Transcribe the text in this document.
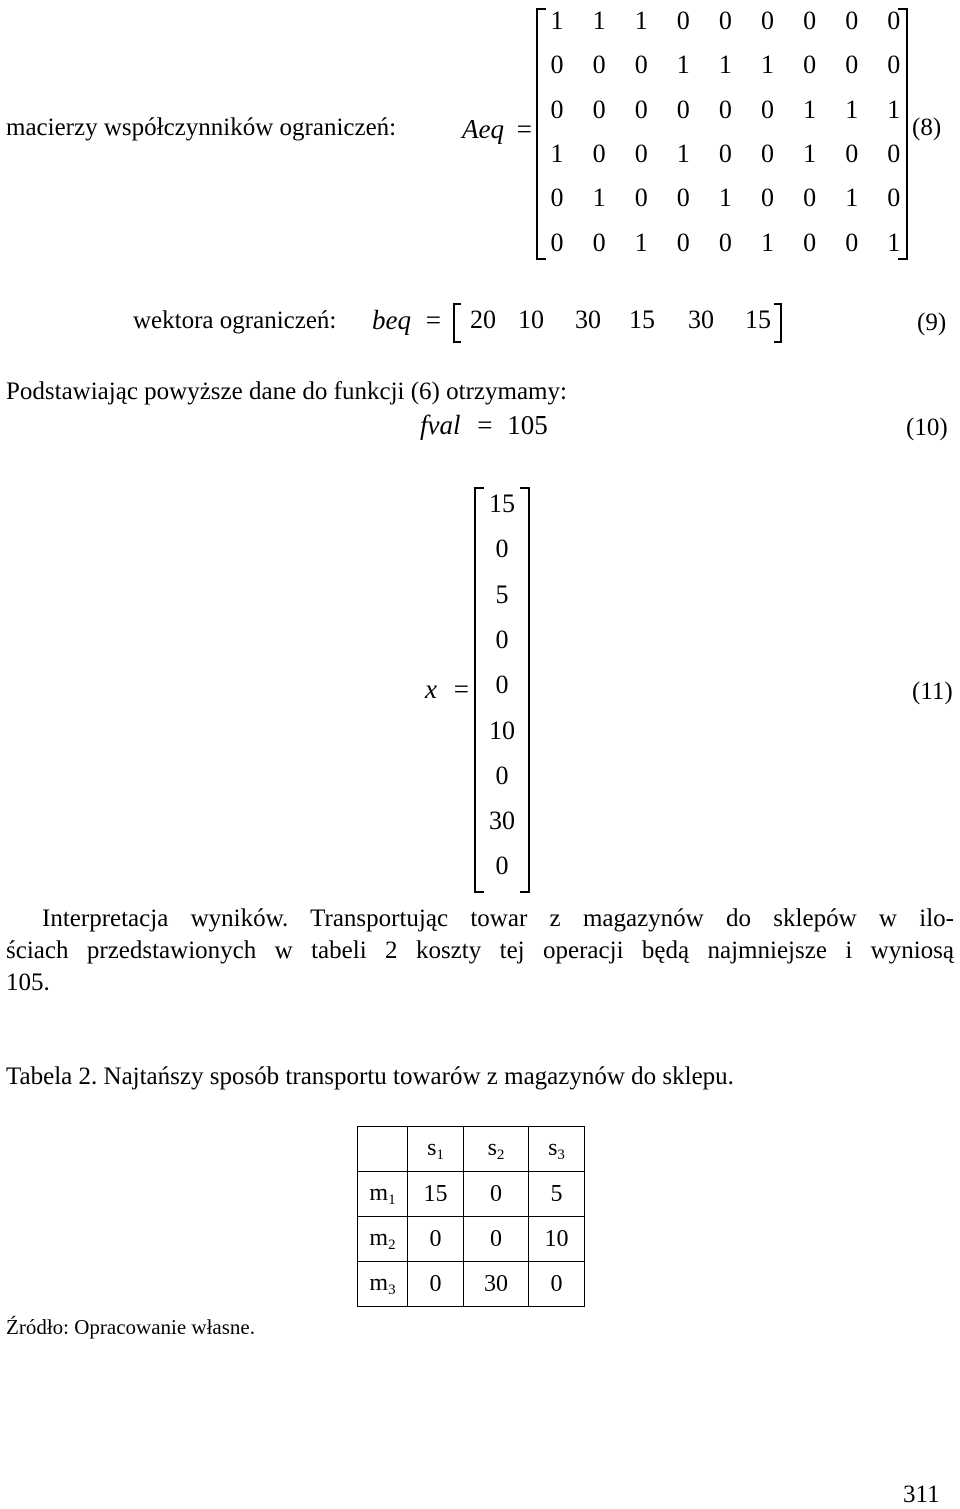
macierzy współczynników ograniczeń: Aeq =
1	1	1	0	0	0	0	0	0
0	0	0	1	1	1	0	0	0
0	0	0	0	0	0	1	1	1
1	0	0	1	0	0	1	0	0
0	1	0	0	1	0	0	1	0
0	0	1	0	0	1	0	0	1
(8)
wektora ograniczeń: beq = 20 10 30 15 30 15	(9)
Podstawiając powyższe dane do funkcji (6) otrzymamy:
fval = 105	(10)
x =
15
0
5
0
0
10
0
30
0
(11)
Interpretacja wyników. Transportując towar z magazynów do sklepów w ilo-
ściach przedstawionych w tabeli 2 koszty tej operacji będą najmniejsze i wyniosą
105.
Tabela 2. Najtańszy sposób transportu towarów z magazynów do sklepu.
	$s_1$	$s_2$	$s_3$
$m_1$	15	0	5
$m_2$	0	0	10
$m_3$	0	30	0
Źródło: Opracowanie własne.
311
